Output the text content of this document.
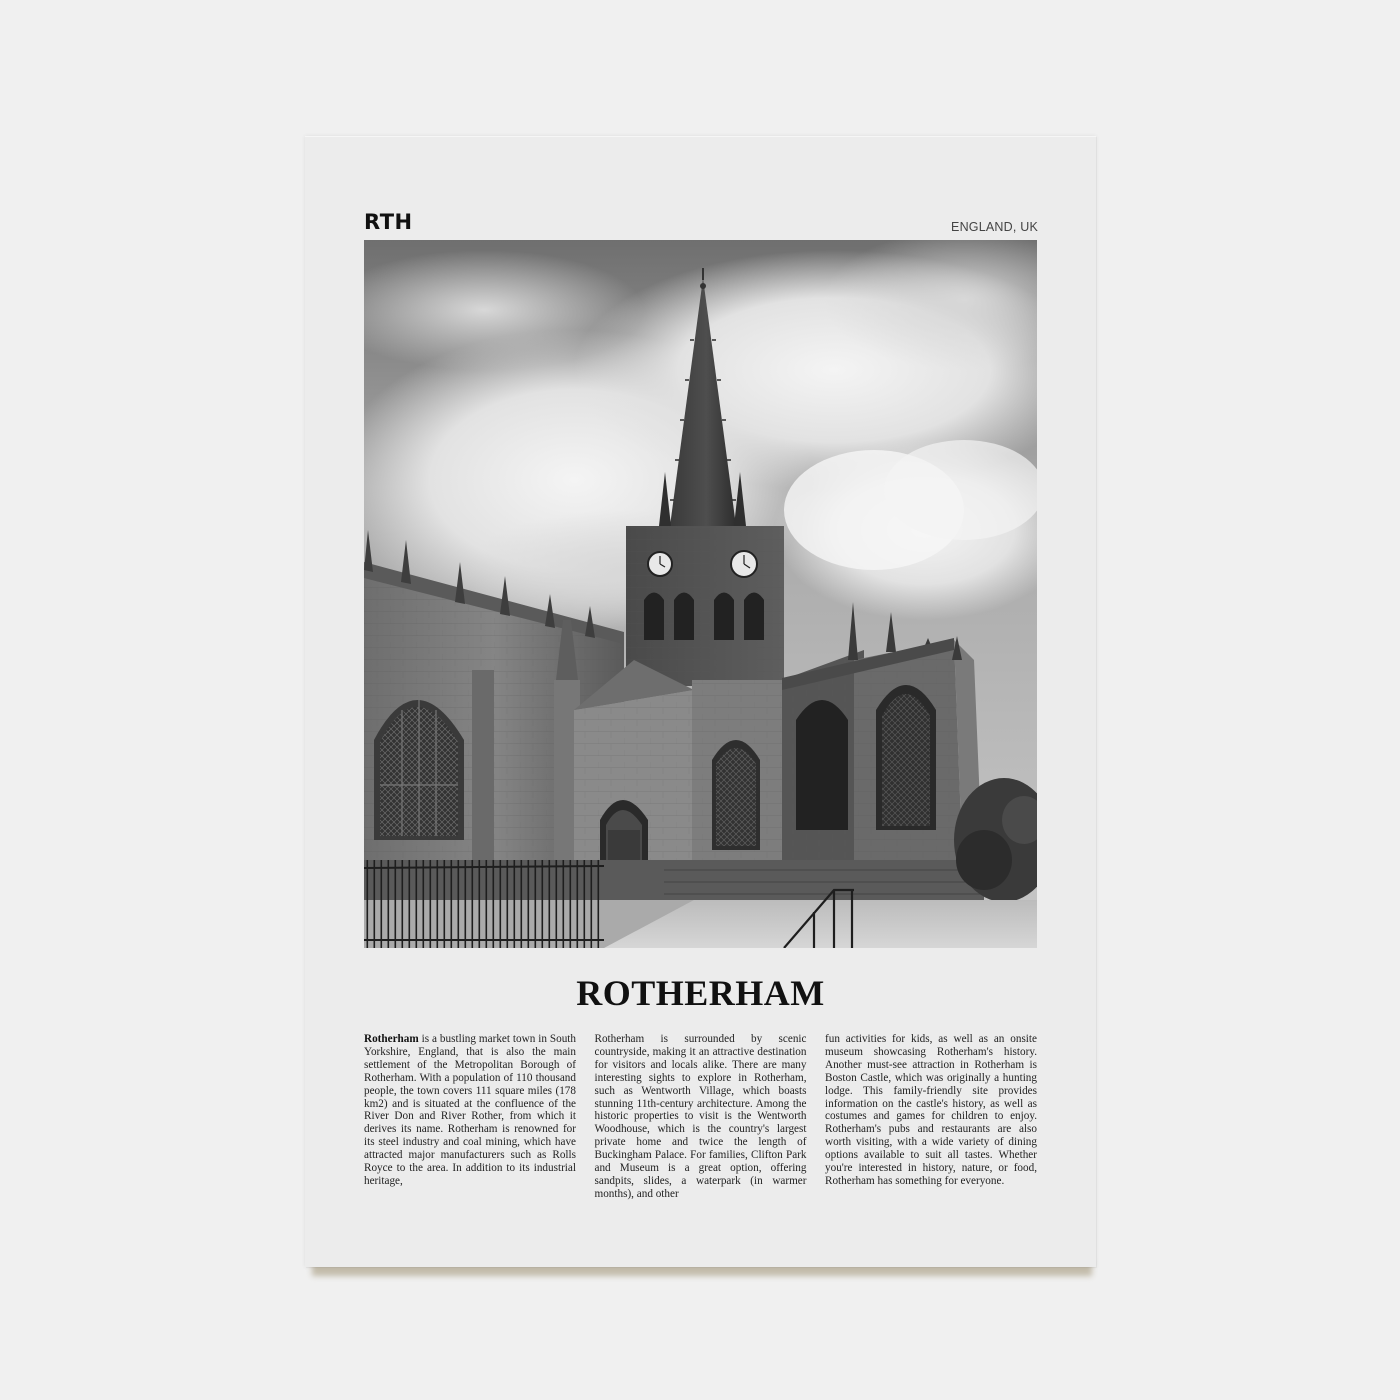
RTH	ENGLAND, UK
ROTHERHAM
Rotherham is a bustling market town in South Yorkshire, England, that is also the main settlement of the Metropolitan Borough of Rotherham. With a population of 110 thousand people, the town covers 111 square miles (178 km2) and is situated at the confluence of the River Don and River Rother, from which it derives its name. Rotherham is renowned for its steel industry and coal mining, which have attracted major manufacturers such as Rolls Royce to the area. In addition to its industrial heritage,
Rotherham is surrounded by scenic countryside, making it an attractive destination for visitors and locals alike. There are many interesting sights to explore in Rotherham, such as Wentworth Village, which boasts stunning 11th-century architecture. Among the historic properties to visit is the Wentworth Woodhouse, which is the country's largest private home and twice the length of Buckingham Palace. For families, Clifton Park and Museum is a great option, offering sandpits, slides, a waterpark (in warmer months), and other
fun activities for kids, as well as an onsite museum showcasing Rotherham's history. Another must-see attraction in Rotherham is Boston Castle, which was originally a hunting lodge. This family-friendly site provides information on the castle's history, as well as costumes and games for children to enjoy. Rotherham's pubs and restaurants are also worth visiting, with a wide variety of dining options available to suit all tastes. Whether you're interested in history, nature, or food, Rotherham has something for everyone.
